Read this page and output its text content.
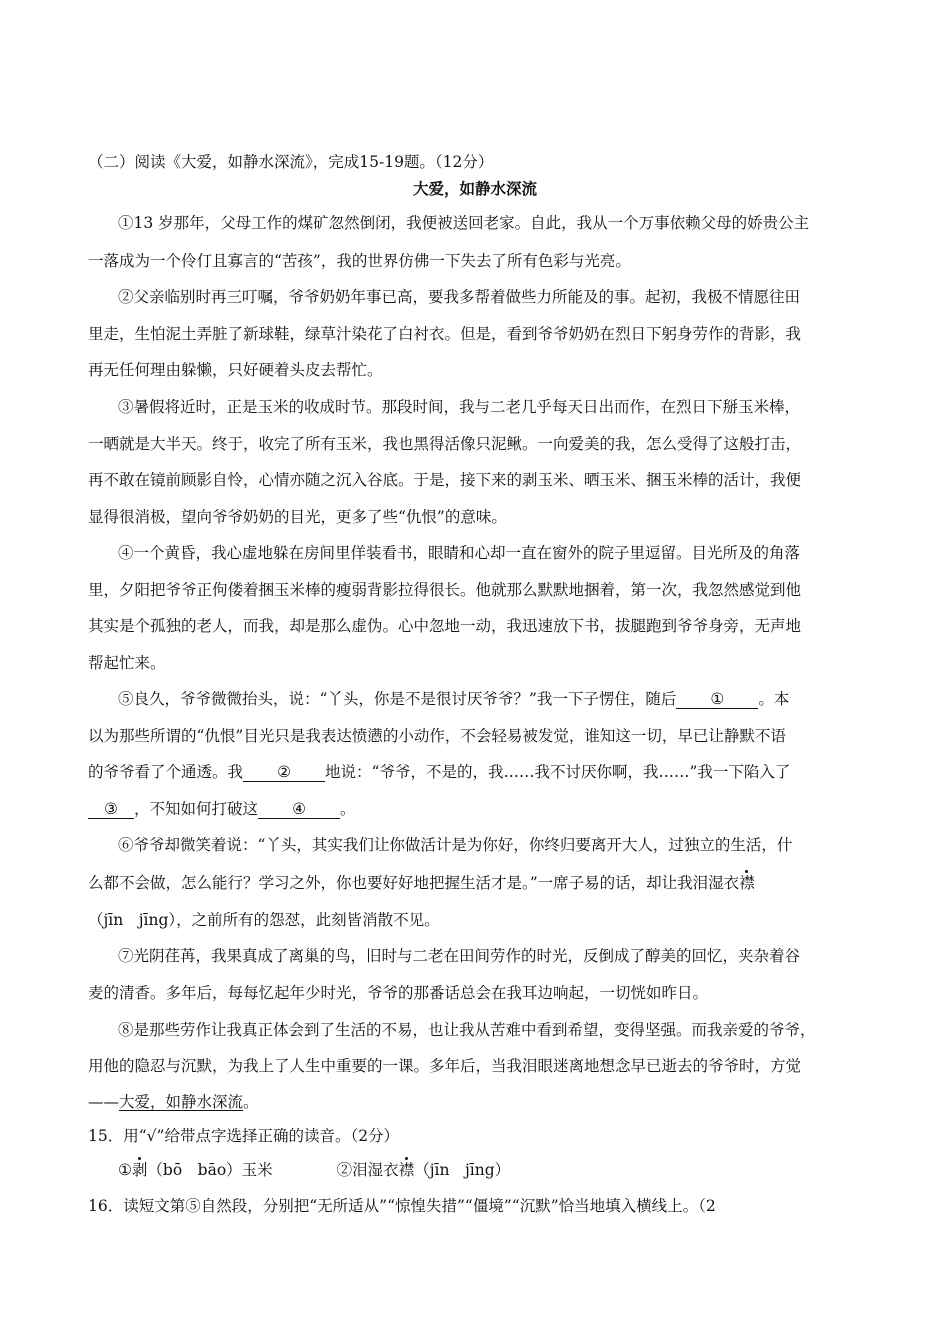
（二）阅读《大爱，如静水深流》，完成15-19题。（12分）
大爱，如静水深流
①13 岁那年，父母工作的煤矿忽然倒闭，我便被送回老家。自此，我从一个万事依赖父母的娇贵公主
一落成为一个伶仃且寡言的“苦孩”，我的世界仿佛一下失去了所有色彩与光亮。
②父亲临别时再三叮嘱，爷爷奶奶年事已高，要我多帮着做些力所能及的事。起初，我极不情愿往田
里走，生怕泥土弄脏了新球鞋，绿草汁染花了白衬衣。但是，看到爷爷奶奶在烈日下躬身劳作的背影，我
再无任何理由躲懒，只好硬着头皮去帮忙。
③暑假将近时，正是玉米的收成时节。那段时间，我与二老几乎每天日出而作，在烈日下掰玉米棒，
一晒就是大半天。终于，收完了所有玉米，我也黑得活像只泥鳅。一向爱美的我，怎么受得了这般打击，
再不敢在镜前顾影自怜，心情亦随之沉入谷底。于是，接下来的剥玉米、晒玉米、捆玉米棒的活计，我便
显得很消极，望向爷爷奶奶的目光，更多了些“仇恨”的意味。
④一个黄昏，我心虚地躲在房间里佯装看书，眼睛和心却一直在窗外的院子里逗留。目光所及的角落
里，夕阳把爷爷正佝偻着捆玉米棒的瘦弱背影拉得很长。他就那么默默地捆着，第一次，我忽然感觉到他
其实是个孤独的老人，而我，却是那么虚伪。心中忽地一动，我迅速放下书，拔腿跑到爷爷身旁，无声地
帮起忙来。
⑤良久，爷爷微微抬头，说：“丫头，你是不是很讨厌爷爷？”我一下子愣住，随后 ① 。本
以为那些所谓的“仇恨”目光只是我表达愤懑的小动作，不会轻易被发觉，谁知这一切，早已让静默不语
的爷爷看了个通透。我 ② 地说：“爷爷，不是的，我……我不讨厌你啊，我……”我一下陷入了
③ ，不知如何打破这 ④ 。
⑥爷爷却微笑着说：“丫头，其实我们让你做活计是为你好，你终归要离开大人，过独立的生活，什
么都不会做，怎么能行？学习之外，你也要好好地把握生活才是。”一席子易的话，却让我泪湿衣襟
（jīn　jīng），之前所有的怨怼，此刻皆消散不见。
⑦光阴荏苒，我果真成了离巢的鸟，旧时与二老在田间劳作的时光，反倒成了醇美的回忆，夹杂着谷
麦的清香。多年后，每每忆起年少时光，爷爷的那番话总会在我耳边响起，一切恍如昨日。
⑧是那些劳作让我真正体会到了生活的不易，也让我从苦难中看到希望，变得坚强。而我亲爱的爷爷，
用他的隐忍与沉默，为我上了人生中重要的一课。多年后，当我泪眼迷离地想念早已逝去的爷爷时，方觉
——大爱，如静水深流。
15．用“√”给带点字选择正确的读音。（2分）
①剥（bō　bāo）玉米	②泪湿衣襟（jīn　jīng）
16．读短文第⑤自然段，分别把“无所适从”“惊惶失措”“僵境”“沉默”恰当地填入横线上。（2
